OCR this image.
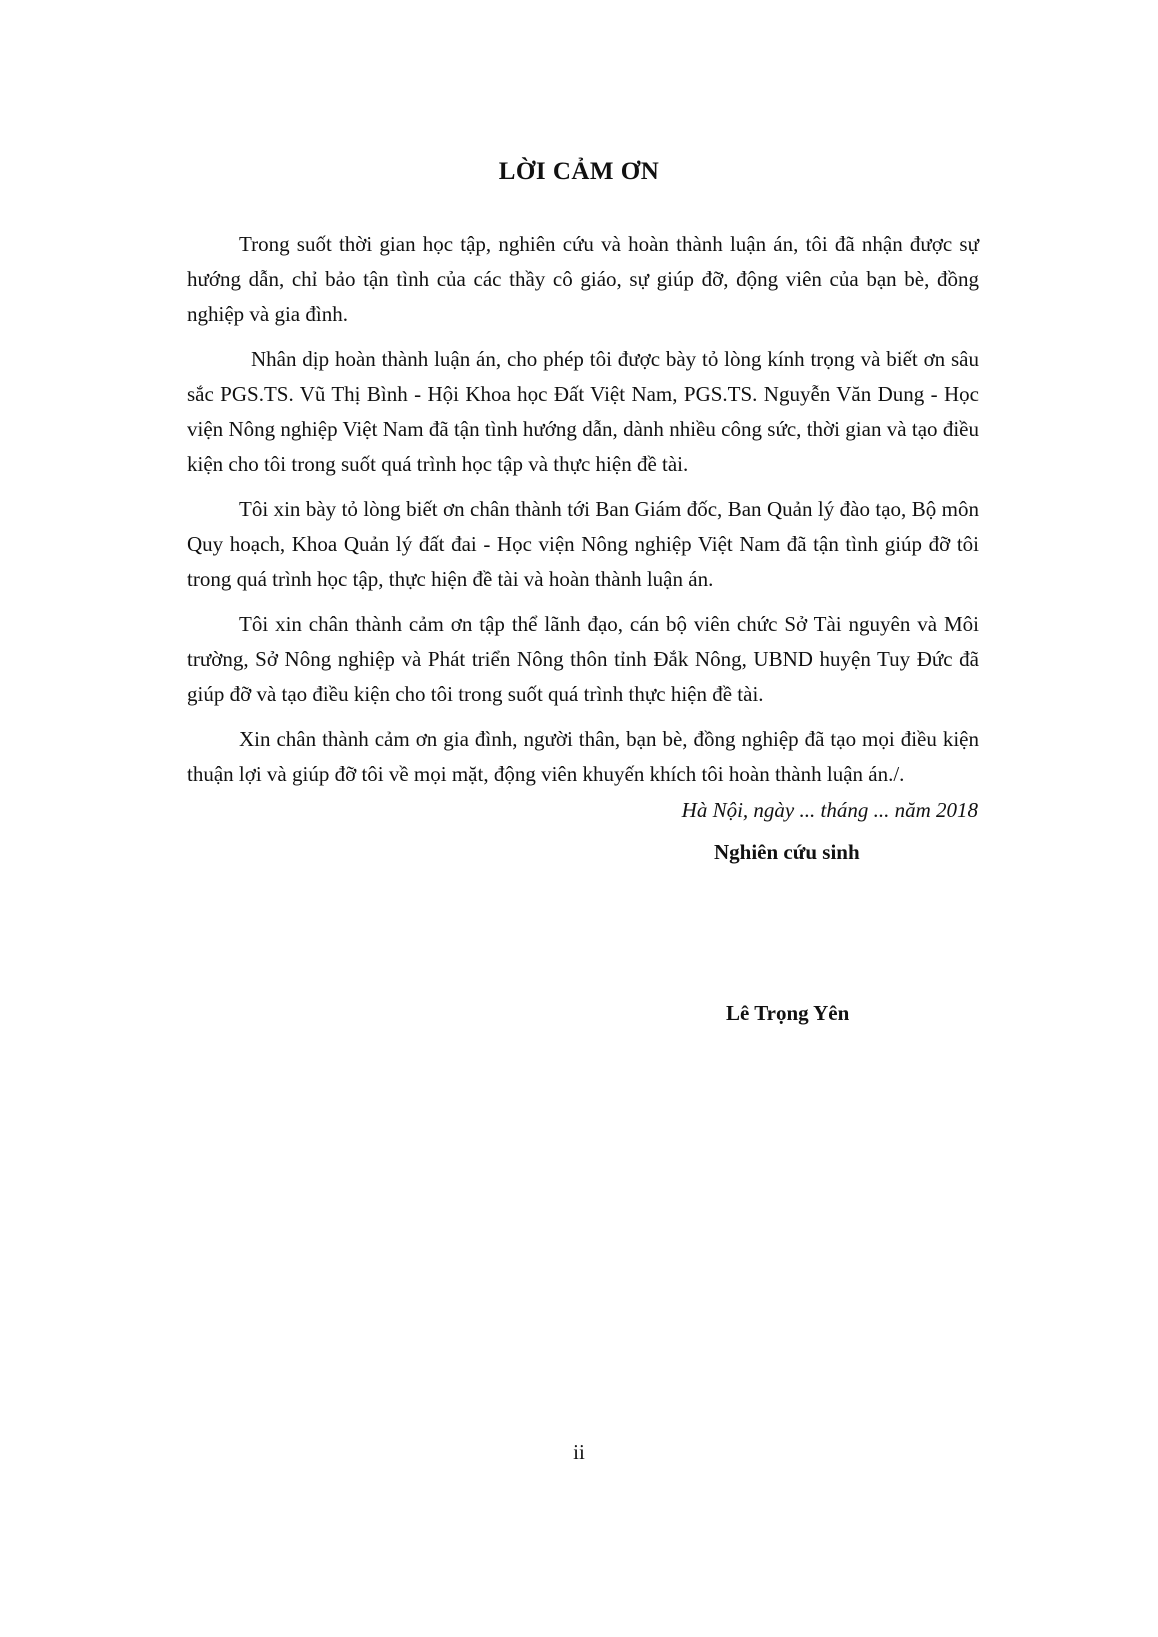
LỜI CẢM ƠN

Trong suốt thời gian học tập, nghiên cứu và hoàn thành luận án, tôi đã nhận được sự hướng dẫn, chỉ bảo tận tình của các thầy cô giáo, sự giúp đỡ, động viên của bạn bè, đồng nghiệp và gia đình.

Nhân dịp hoàn thành luận án, cho phép tôi được bày tỏ lòng kính trọng và biết ơn sâu sắc PGS.TS. Vũ Thị Bình - Hội Khoa học Đất Việt Nam, PGS.TS. Nguyễn Văn Dung - Học viện Nông nghiệp Việt Nam đã tận tình hướng dẫn, dành nhiều công sức, thời gian và tạo điều kiện cho tôi trong suốt quá trình học tập và thực hiện đề tài.

Tôi xin bày tỏ lòng biết ơn chân thành tới Ban Giám đốc, Ban Quản lý đào tạo, Bộ môn Quy hoạch, Khoa Quản lý đất đai - Học viện Nông nghiệp Việt Nam đã tận tình giúp đỡ tôi trong quá trình học tập, thực hiện đề tài và hoàn thành luận án.

Tôi xin chân thành cảm ơn tập thể lãnh đạo, cán bộ viên chức Sở Tài nguyên và Môi trường, Sở Nông nghiệp và Phát triển Nông thôn tỉnh Đắk Nông, UBND huyện Tuy Đức đã giúp đỡ và tạo điều kiện cho tôi trong suốt quá trình thực hiện đề tài.

Xin chân thành cảm ơn gia đình, người thân, bạn bè, đồng nghiệp đã tạo mọi điều kiện thuận lợi và giúp đỡ tôi về mọi mặt, động viên khuyến khích tôi hoàn thành luận án./.

Hà Nội, ngày ... tháng ... năm 2018
Nghiên cứu sinh
Lê Trọng Yên
ii
